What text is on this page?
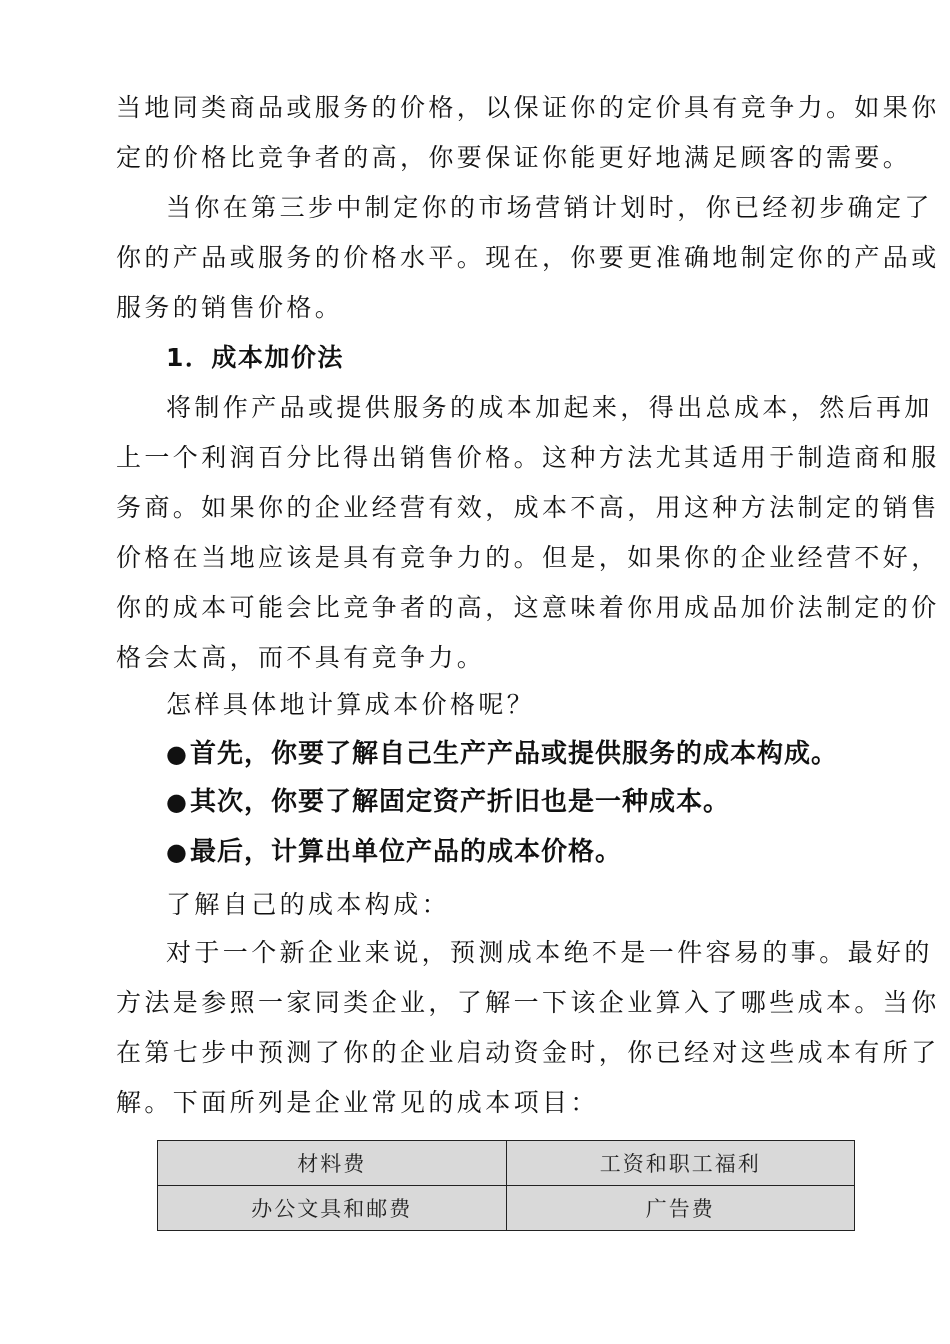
当地同类商品或服务的价格，以保证你的定价具有竞争力。如果你
定的价格比竞争者的高，你要保证你能更好地满足顾客的需要。
当你在第三步中制定你的市场营销计划时，你已经初步确定了
你的产品或服务的价格水平。现在，你要更准确地制定你的产品或
服务的销售价格。
1．成本加价法
将制作产品或提供服务的成本加起来，得出总成本，然后再加
上一个利润百分比得出销售价格。这种方法尤其适用于制造商和服
务商。如果你的企业经营有效，成本不高，用这种方法制定的销售
价格在当地应该是具有竞争力的。但是，如果你的企业经营不好，
你的成本可能会比竞争者的高，这意味着你用成品加价法制定的价
格会太高，而不具有竞争力。
怎样具体地计算成本价格呢？
●首先，你要了解自己生产产品或提供服务的成本构成。
●其次，你要了解固定资产折旧也是一种成本。
●最后，计算出单位产品的成本价格。
了解自己的成本构成：
对于一个新企业来说，预测成本绝不是一件容易的事。最好的
方法是参照一家同类企业，了解一下该企业算入了哪些成本。当你
在第七步中预测了你的企业启动资金时，你已经对这些成本有所了
解。下面所列是企业常见的成本项目：
材料费	工资和职工福利
办公文具和邮费	广告费
